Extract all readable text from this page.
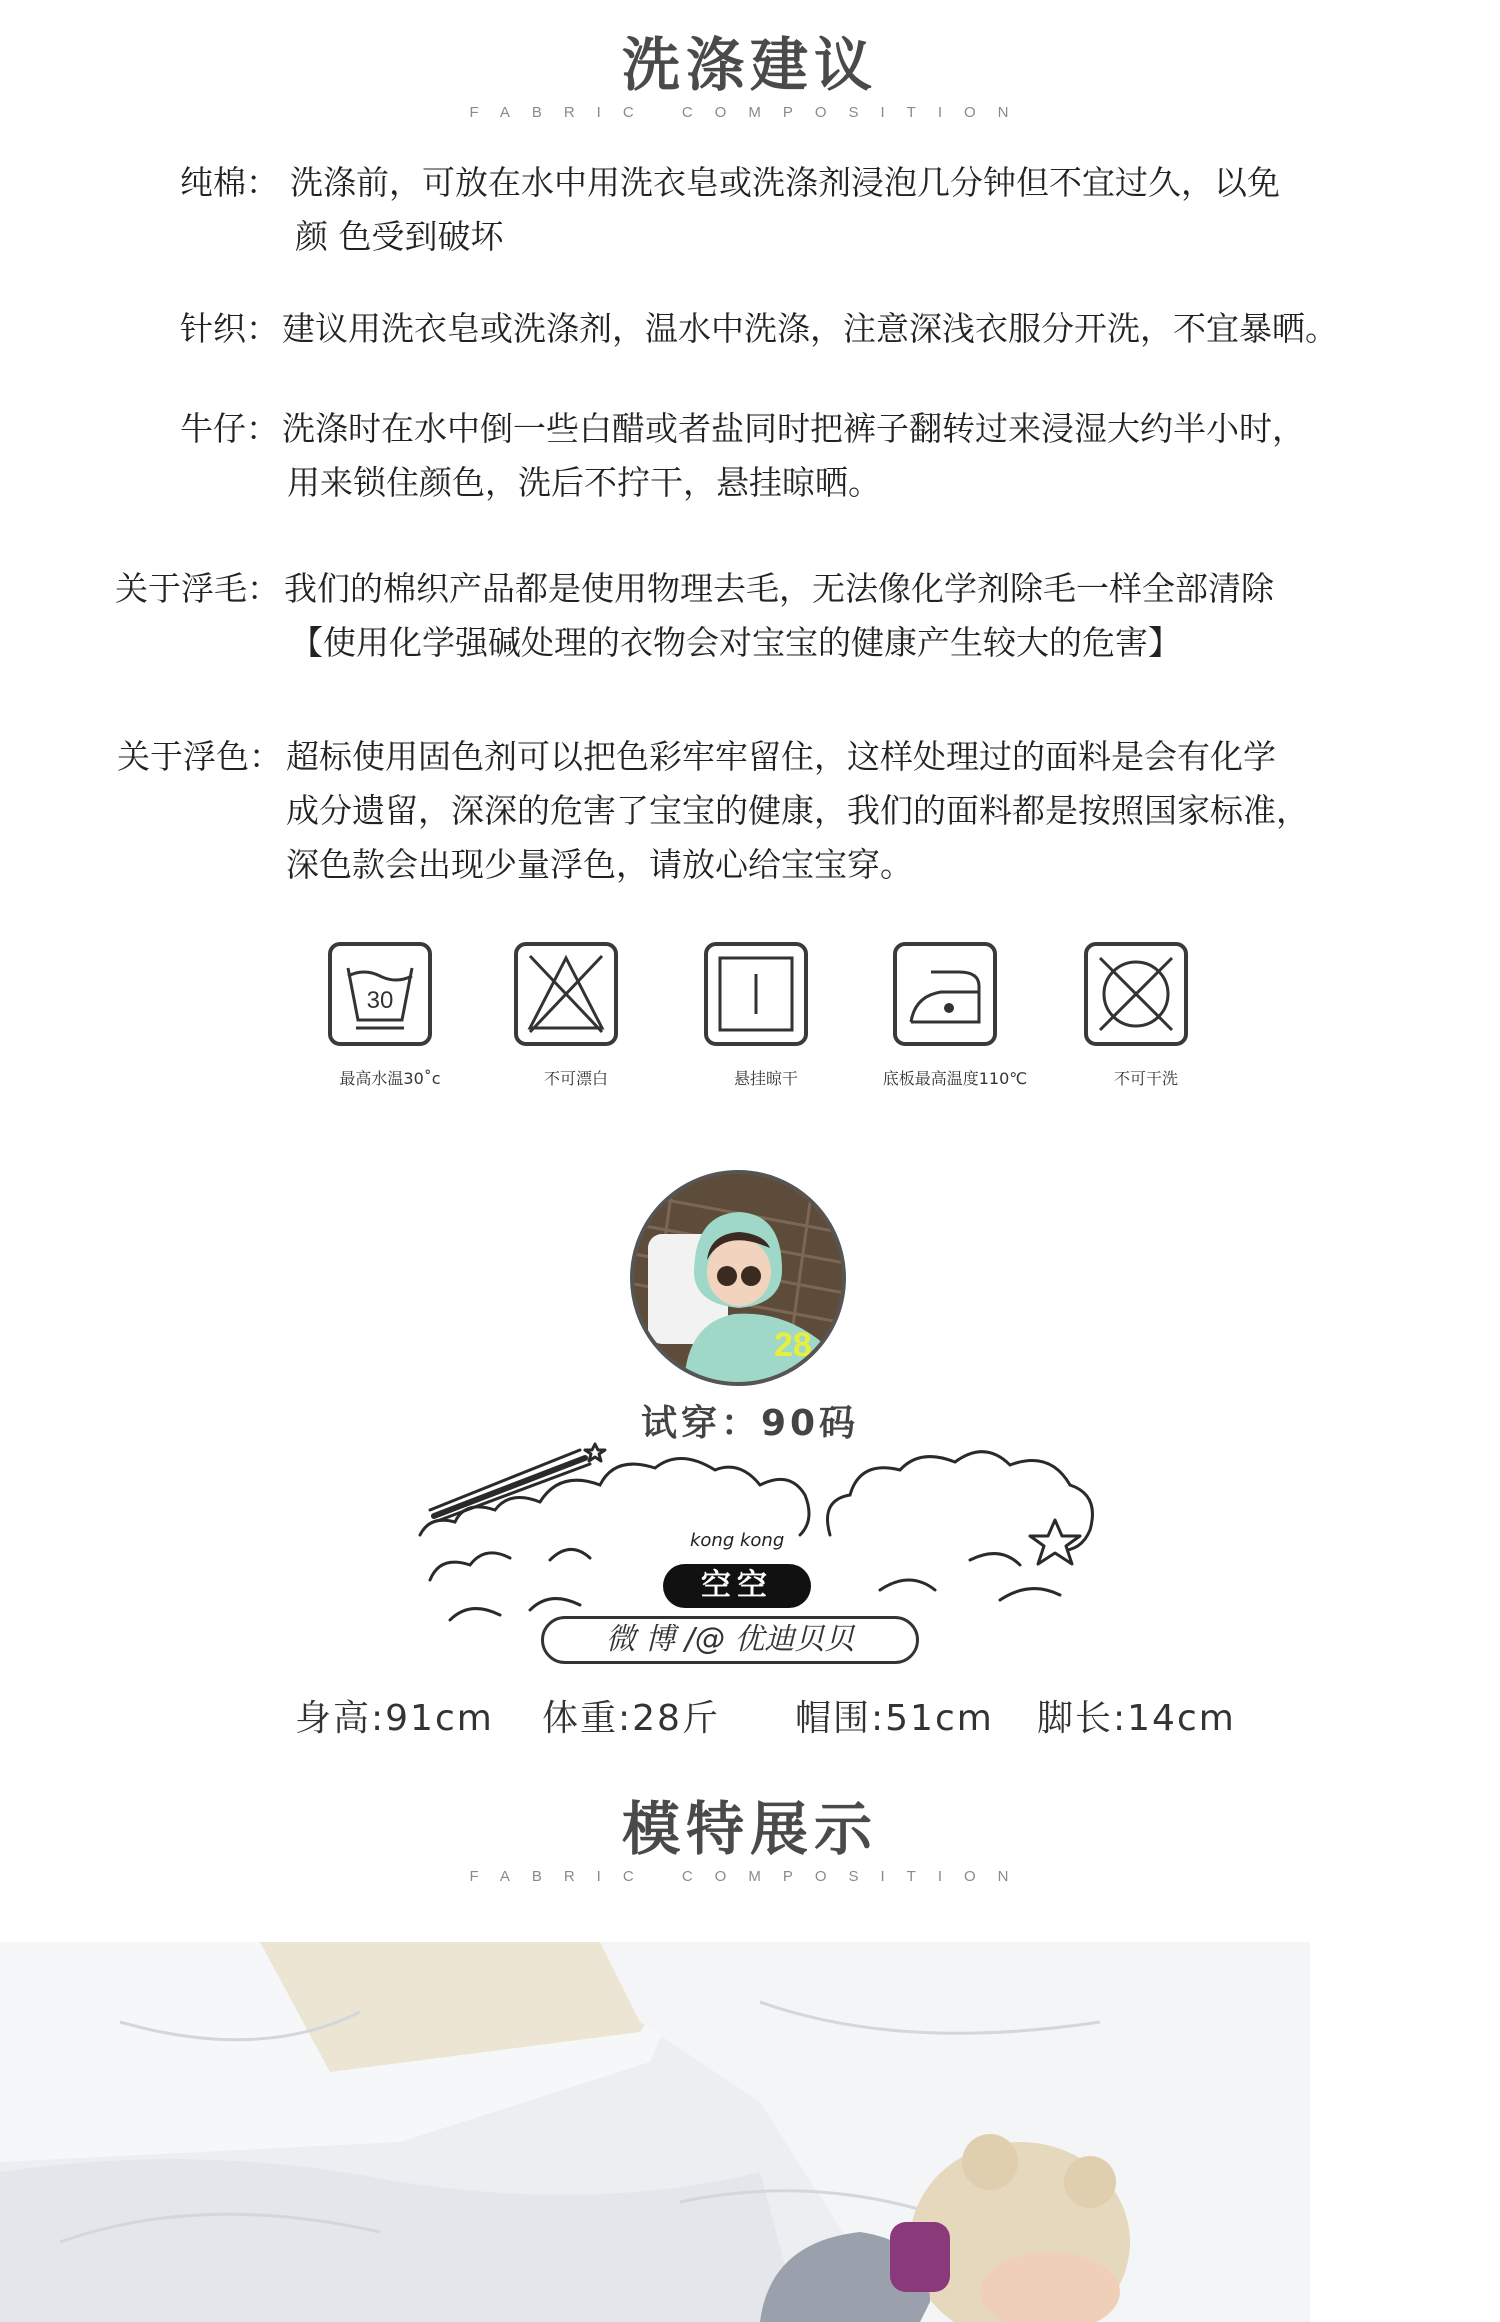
洗涤建议
FABRIC COMPOSITION
纯棉： 洗涤前，可放在水中用洗衣皂或洗涤剂浸泡几分钟但不宜过久，以免
颜 色受到破坏
针织： 建议用洗衣皂或洗涤剂，温水中洗涤，注意深浅衣服分开洗，不宜暴晒。
牛仔： 洗涤时在水中倒一些白醋或者盐同时把裤子翻转过来浸湿大约半小时，
用来锁住颜色，洗后不拧干，悬挂晾晒。
关于浮毛： 我们的棉织产品都是使用物理去毛，无法像化学剂除毛一样全部清除
【使用化学强碱处理的衣物会对宝宝的健康产生较大的危害】
关于浮色： 超标使用固色剂可以把色彩牢牢留住，这样处理过的面料是会有化学
成分遗留，深深的危害了宝宝的健康，我们的面料都是按照国家标准，
深色款会出现少量浮色，请放心给宝宝穿。
30
最高水温30˚c	不可漂白	悬挂晾干	底板最高温度110℃	不可干洗
28
试穿：90码
kong kong
空空
微 博 /@ 优迪贝贝
身高:91cm 体重:28斤 帽围:51cm 脚长:14cm
模特展示
FABRIC COMPOSITION
